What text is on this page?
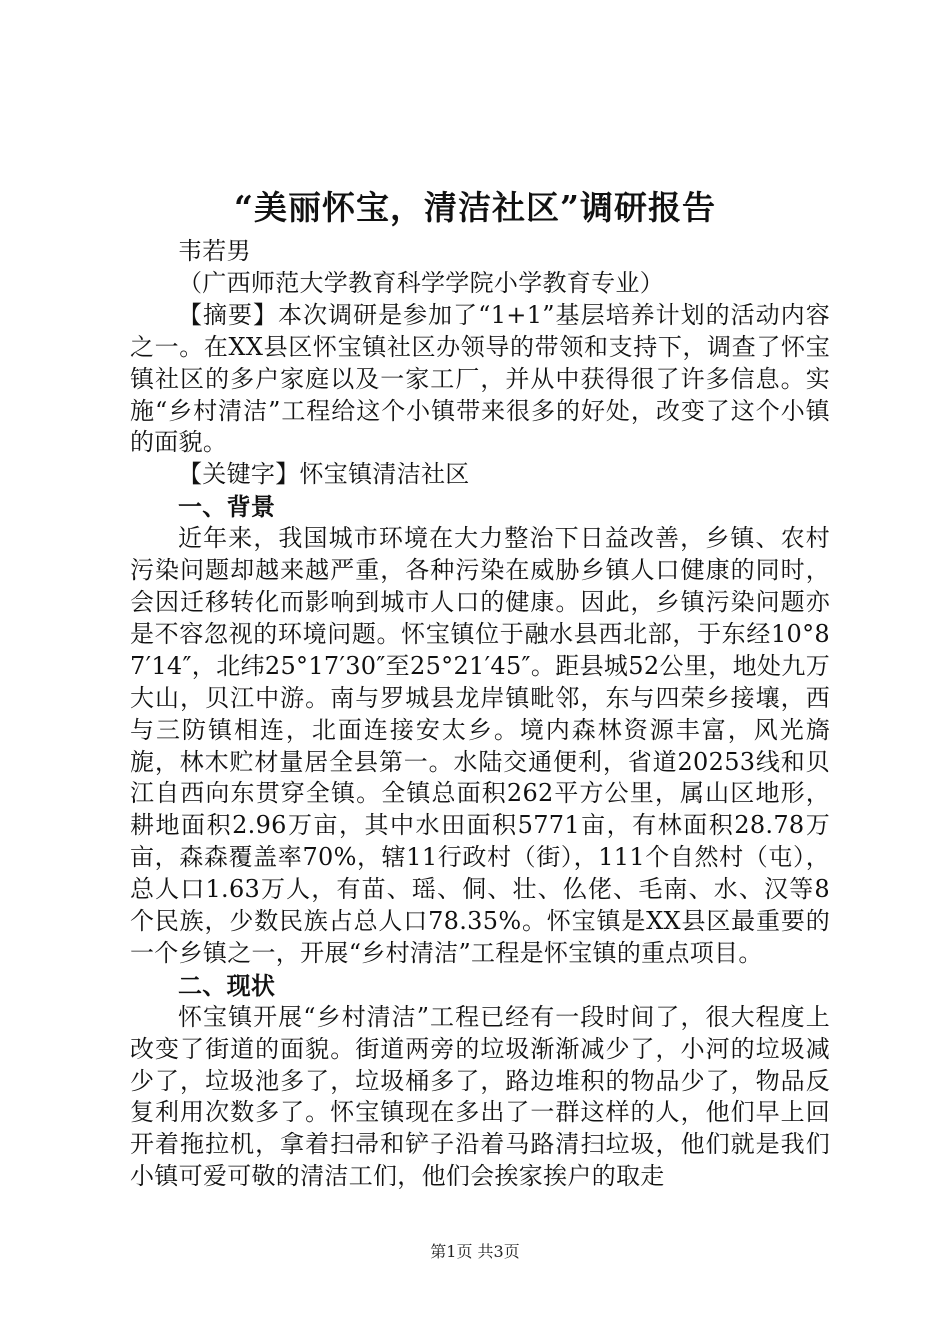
“美丽怀宝，清洁社区”调研报告

韦若男

（广西师范大学教育科学学院小学教育专业）

【摘要】本次调研是参加了“1+1”基层培养计划的活动内容之一。在XX县区怀宝镇社区办领导的带领和支持下，调查了怀宝镇社区的多户家庭以及一家工厂，并从中获得很了许多信息。实施“乡村清洁”工程给这个小镇带来很多的好处，改变了这个小镇的面貌。

【关键字】怀宝镇清洁社区

一、背景

近年来，我国城市环境在大力整治下日益改善，乡镇、农村污染问题却越来越严重，各种污染在威胁乡镇人口健康的同时，会因迁移转化而影响到城市人口的健康。因此，乡镇污染问题亦是不容忽视的环境问题。怀宝镇位于融水县西北部，于东经10°87′14″，北纬25°17′30″至25°21′45″。距县城52公里，地处九万大山，贝江中游。南与罗城县龙岸镇毗邻，东与四荣乡接壤，西与三防镇相连，北面连接安太乡。境内森林资源丰富，风光旖旎，林木贮材量居全县第一。水陆交通便利，省道20253线和贝江自西向东贯穿全镇。全镇总面积262平方公里，属山区地形，耕地面积2.96万亩，其中水田面积5771亩，有林面积28.78万亩，森森覆盖率70%，辖11行政村（街），111个自然村（屯），总人口1.63万人，有苗、瑶、侗、壮、仫佬、毛南、水、汉等8个民族，少数民族占总人口78.35%。怀宝镇是XX县区最重要的一个乡镇之一，开展“乡村清洁”工程是怀宝镇的重点项目。

二、现状

怀宝镇开展“乡村清洁”工程已经有一段时间了，很大程度上改变了街道的面貌。街道两旁的垃圾渐渐减少了，小河的垃圾减少了，垃圾池多了，垃圾桶多了，路边堆积的物品少了，物品反复利用次数多了。怀宝镇现在多出了一群这样的人，他们早上回开着拖拉机，拿着扫帚和铲子沿着马路清扫垃圾，他们就是我们小镇可爱可敬的清洁工们，他们会挨家挨户的取走

第1页 共3页
